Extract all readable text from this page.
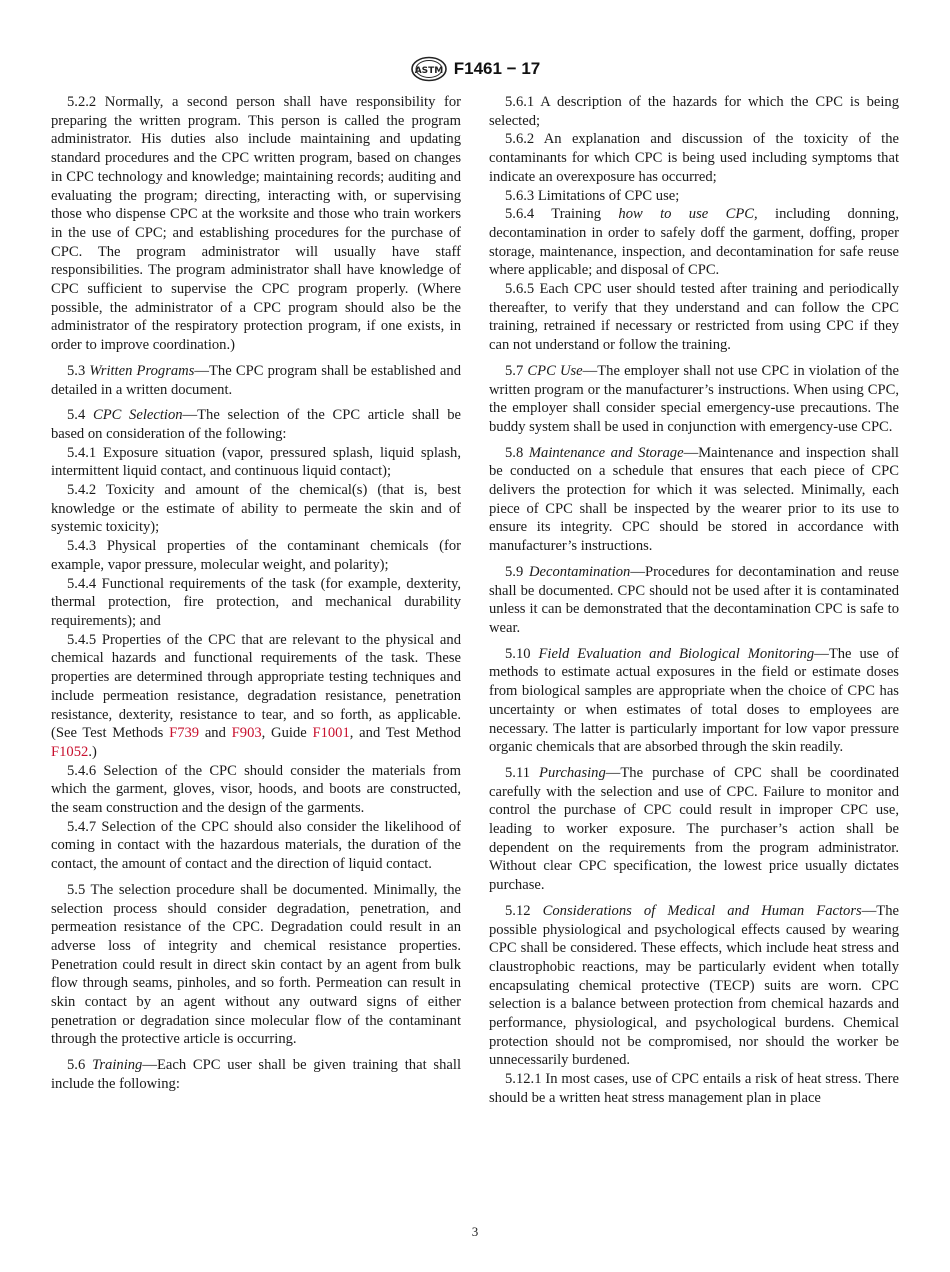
ASTM F1461 − 17

5.2.2 Normally, a second person shall have responsibility for preparing the written program. This person is called the program administrator. His duties also include maintaining and updating standard procedures and the CPC written program, based on changes in CPC technology and knowledge; maintaining records; auditing and evaluating the program; directing, interacting with, or supervising those who dispense CPC at the worksite and those who train workers in the use of CPC; and establishing procedures for the purchase of CPC. The program administrator will usually have staff responsibilities. The program administrator shall have knowledge of CPC sufficient to supervise the CPC program properly. (Where possible, the administrator of a CPC program should also be the administrator of the respiratory protection program, if one exists, in order to improve coordination.)

5.3 Written Programs—The CPC program shall be established and detailed in a written document.

5.4 CPC Selection—The selection of the CPC article shall be based on consideration of the following:

5.4.1 Exposure situation (vapor, pressured splash, liquid splash, intermittent liquid contact, and continuous liquid contact);

5.4.2 Toxicity and amount of the chemical(s) (that is, best knowledge or the estimate of ability to permeate the skin and of systemic toxicity);

5.4.3 Physical properties of the contaminant chemicals (for example, vapor pressure, molecular weight, and polarity);

5.4.4 Functional requirements of the task (for example, dexterity, thermal protection, fire protection, and mechanical durability requirements); and

5.4.5 Properties of the CPC that are relevant to the physical and chemical hazards and functional requirements of the task. These properties are determined through appropriate testing techniques and include permeation resistance, degradation resistance, penetration resistance, dexterity, resistance to tear, and so forth, as applicable. (See Test Methods F739 and F903, Guide F1001, and Test Method F1052.)

5.4.6 Selection of the CPC should consider the materials from which the garment, gloves, visor, hoods, and boots are constructed, the seam construction and the design of the garments.

5.4.7 Selection of the CPC should also consider the likelihood of coming in contact with the hazardous materials, the duration of the contact, the amount of contact and the direction of liquid contact.

5.5 The selection procedure shall be documented. Minimally, the selection process should consider degradation, penetration, and permeation resistance of the CPC. Degradation could result in an adverse loss of integrity and chemical resistance properties. Penetration could result in direct skin contact by an agent from bulk flow through seams, pinholes, and so forth. Permeation can result in skin contact by an agent without any outward signs of either penetration or degradation since molecular flow of the contaminant through the protective article is occurring.

5.6 Training—Each CPC user shall be given training that shall include the following:

5.6.1 A description of the hazards for which the CPC is being selected;

5.6.2 An explanation and discussion of the toxicity of the contaminants for which CPC is being used including symptoms that indicate an overexposure has occurred;

5.6.3 Limitations of CPC use;

5.6.4 Training how to use CPC, including donning, decontamination in order to safely doff the garment, doffing, proper storage, maintenance, inspection, and decontamination for safe reuse where applicable; and disposal of CPC.

5.6.5 Each CPC user should tested after training and periodically thereafter, to verify that they understand and can follow the CPC training, retrained if necessary or restricted from using CPC if they can not understand or follow the training.

5.7 CPC Use—The employer shall not use CPC in violation of the written program or the manufacturer’s instructions. When using CPC, the employer shall consider special emergency-use precautions. The buddy system shall be used in conjunction with emergency-use CPC.

5.8 Maintenance and Storage—Maintenance and inspection shall be conducted on a schedule that ensures that each piece of CPC delivers the protection for which it was selected. Minimally, each piece of CPC shall be inspected by the wearer prior to its use to ensure its integrity. CPC should be stored in accordance with manufacturer’s instructions.

5.9 Decontamination—Procedures for decontamination and reuse shall be documented. CPC should not be used after it is contaminated unless it can be demonstrated that the decontamination CPC is safe to wear.

5.10 Field Evaluation and Biological Monitoring—The use of methods to estimate actual exposures in the field or estimate doses from biological samples are appropriate when the choice of CPC has uncertainty or when estimates of total doses to employees are necessary. The latter is particularly important for low vapor pressure organic chemicals that are absorbed through the skin readily.

5.11 Purchasing—The purchase of CPC shall be coordinated carefully with the selection and use of CPC. Failure to monitor and control the purchase of CPC could result in improper CPC use, leading to worker exposure. The purchaser’s action shall be dependent on the requirements from the program administrator. Without clear CPC specification, the lowest price usually dictates purchase.

5.12 Considerations of Medical and Human Factors—The possible physiological and psychological effects caused by wearing CPC shall be considered. These effects, which include heat stress and claustrophobic reactions, may be particularly evident when totally encapsulating chemical protective (TECP) suits are worn. CPC selection is a balance between protection from chemical hazards and performance, physiological, and psychological burdens. Chemical protection should not be compromised, nor should the worker be unnecessarily burdened.

5.12.1 In most cases, use of CPC entails a risk of heat stress. There should be a written heat stress management plan in place

3
